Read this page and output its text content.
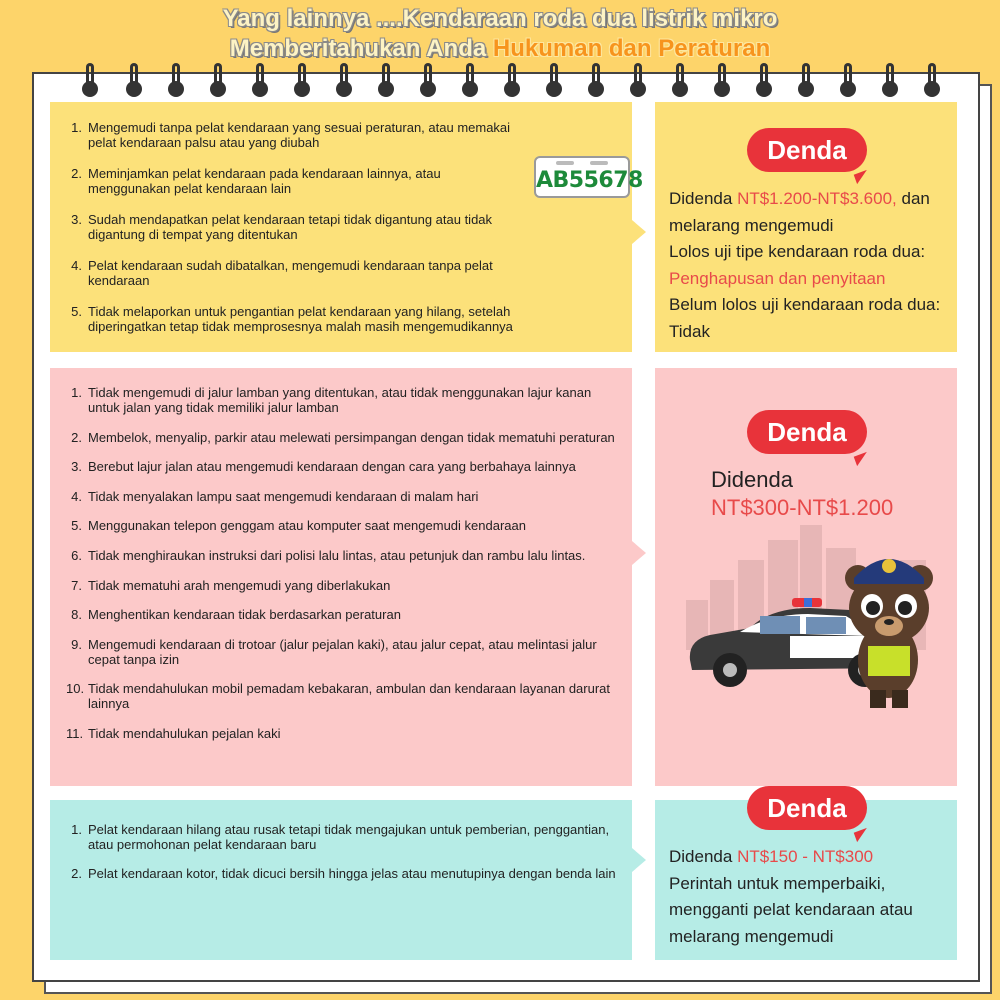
Yang lainnya ....Kendaraan roda dua listrik mikro
Memberitahukan Anda Hukuman dan Peraturan
1. Mengemudi tanpa pelat kendaraan yang sesuai peraturan, atau memakai pelat kendaraan palsu atau yang diubah
2. Meminjamkan pelat kendaraan pada kendaraan lainnya, atau menggunakan pelat kendaraan lain
3. Sudah mendapatkan pelat kendaraan tetapi tidak digantung atau tidak digantung di tempat yang ditentukan
4. Pelat kendaraan sudah dibatalkan, mengemudi kendaraan tanpa pelat kendaraan
5. Tidak melaporkan untuk pengantian pelat kendaraan yang hilang, setelah diperingatkan tetap tidak memprosesnya malah masih mengemudikannya
AB55678
Denda
Didenda NT$1.200-NT$3.600, dan
melarang mengemudi
Lolos uji tipe kendaraan roda dua:
Penghapusan dan penyitaan
Belum lolos uji kendaraan roda dua:
Tidak
1. Tidak mengemudi di jalur lamban yang ditentukan, atau tidak menggunakan lajur kanan untuk jalan yang tidak memiliki jalur lamban
2. Membelok, menyalip, parkir atau melewati persimpangan dengan tidak mematuhi peraturan
3. Berebut lajur jalan atau mengemudi kendaraan dengan cara yang berbahaya lainnya
4. Tidak menyalakan lampu saat mengemudi kendaraan di malam hari
5. Menggunakan telepon genggam atau komputer saat mengemudi kendaraan
6. Tidak menghiraukan instruksi dari polisi lalu lintas, atau petunjuk dan rambu lalu lintas.
7. Tidak mematuhi arah mengemudi yang diberlakukan
8. Menghentikan kendaraan tidak berdasarkan peraturan
9. Mengemudi kendaraan di trotoar (jalur pejalan kaki), atau jalur cepat, atau melintasi jalur cepat tanpa izin
10. Tidak mendahulukan mobil pemadam kebakaran, ambulan dan kendaraan layanan darurat lainnya
11. Tidak mendahulukan pejalan kaki
Denda
Didenda
NT$300-NT$1.200
1. Pelat kendaraan hilang atau rusak tetapi tidak mengajukan untuk pemberian, penggantian, atau permohonan pelat kendaraan baru
2. Pelat kendaraan kotor, tidak dicuci bersih hingga jelas atau menutupinya dengan benda lain
Denda
Didenda NT$150 - NT$300
Perintah untuk memperbaiki,
mengganti pelat kendaraan atau
melarang mengemudi
